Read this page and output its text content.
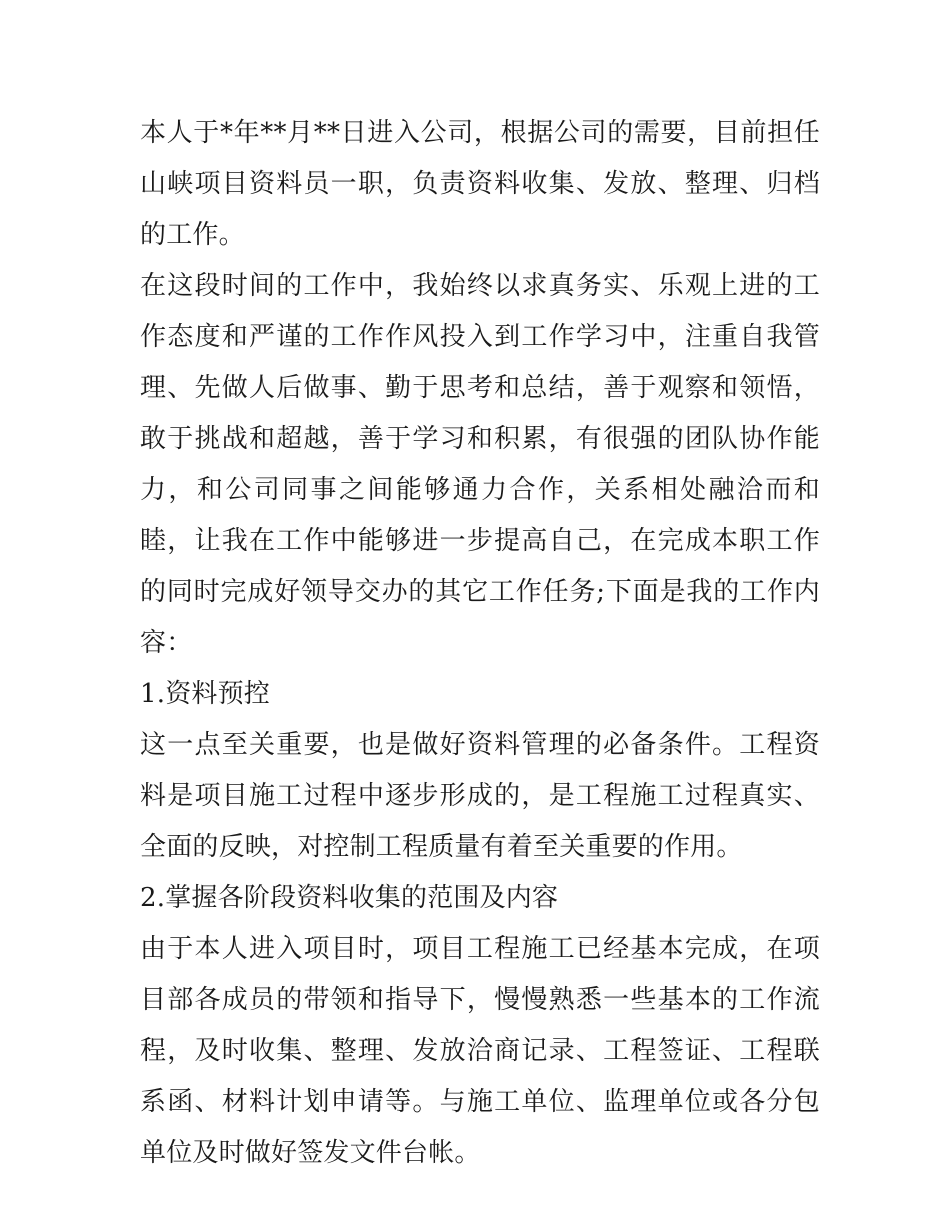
本人于*年**月**日进入公司，根据公司的需要，目前担任山峡项目资料员一职，负责资料收集、发放、整理、归档的工作。

在这段时间的工作中，我始终以求真务实、乐观上进的工作态度和严谨的工作作风投入到工作学习中，注重自我管理、先做人后做事、勤于思考和总结，善于观察和领悟，敢于挑战和超越，善于学习和积累，有很强的团队协作能力，和公司同事之间能够通力合作，关系相处融洽而和睦，让我在工作中能够进一步提高自己，在完成本职工作的同时完成好领导交办的其它工作任务;下面是我的工作内容：

1.资料预控

这一点至关重要，也是做好资料管理的必备条件。工程资料是项目施工过程中逐步形成的，是工程施工过程真实、全面的反映，对控制工程质量有着至关重要的作用。

2.掌握各阶段资料收集的范围及内容

由于本人进入项目时，项目工程施工已经基本完成，在项目部各成员的带领和指导下，慢慢熟悉一些基本的工作流程，及时收集、整理、发放洽商记录、工程签证、工程联系函、材料计划申请等。与施工单位、监理单位或各分包单位及时做好签发文件台帐。
